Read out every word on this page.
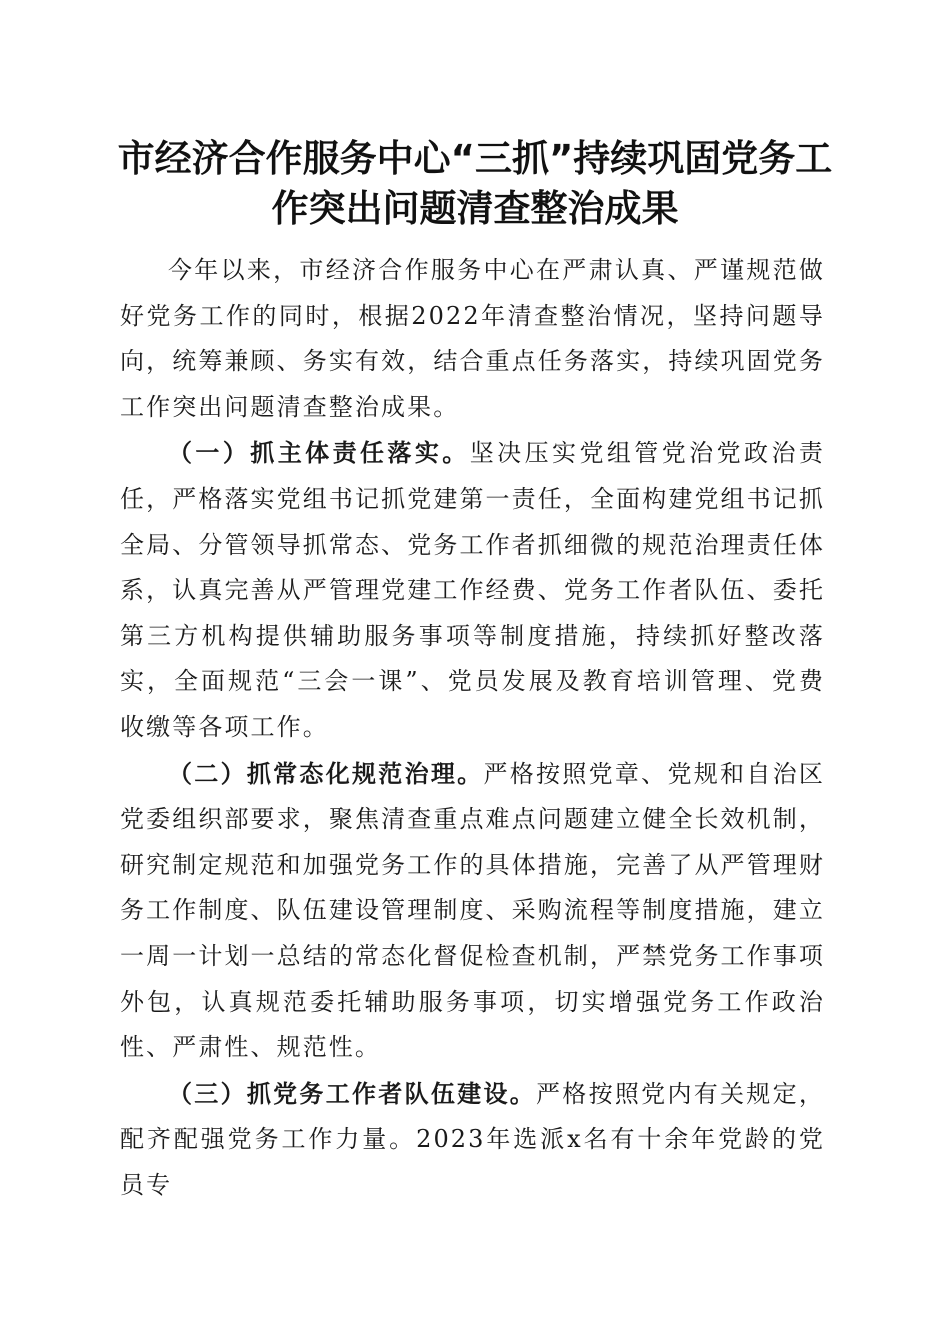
市经济合作服务中心“三抓”持续巩固党务工
作突出问题清查整治成果

今年以来，市经济合作服务中心在严肃认真、严谨规范做好党务工作的同时，根据2022年清查整治情况，坚持问题导向，统筹兼顾、务实有效，结合重点任务落实，持续巩固党务工作突出问题清查整治成果。

（一）抓主体责任落实。坚决压实党组管党治党政治责任，严格落实党组书记抓党建第一责任，全面构建党组书记抓全局、分管领导抓常态、党务工作者抓细微的规范治理责任体系，认真完善从严管理党建工作经费、党务工作者队伍、委托第三方机构提供辅助服务事项等制度措施，持续抓好整改落实，全面规范“三会一课”、党员发展及教育培训管理、党费收缴等各项工作。

（二）抓常态化规范治理。严格按照党章、党规和自治区党委组织部要求，聚焦清查重点难点问题建立健全长效机制，研究制定规范和加强党务工作的具体措施，完善了从严管理财务工作制度、队伍建设管理制度、采购流程等制度措施，建立一周一计划一总结的常态化督促检查机制，严禁党务工作事项外包，认真规范委托辅助服务事项，切实增强党务工作政治性、严肃性、规范性。

（三）抓党务工作者队伍建设。严格按照党内有关规定，配齐配强党务工作力量。2023年选派x名有十余年党龄的党员专
